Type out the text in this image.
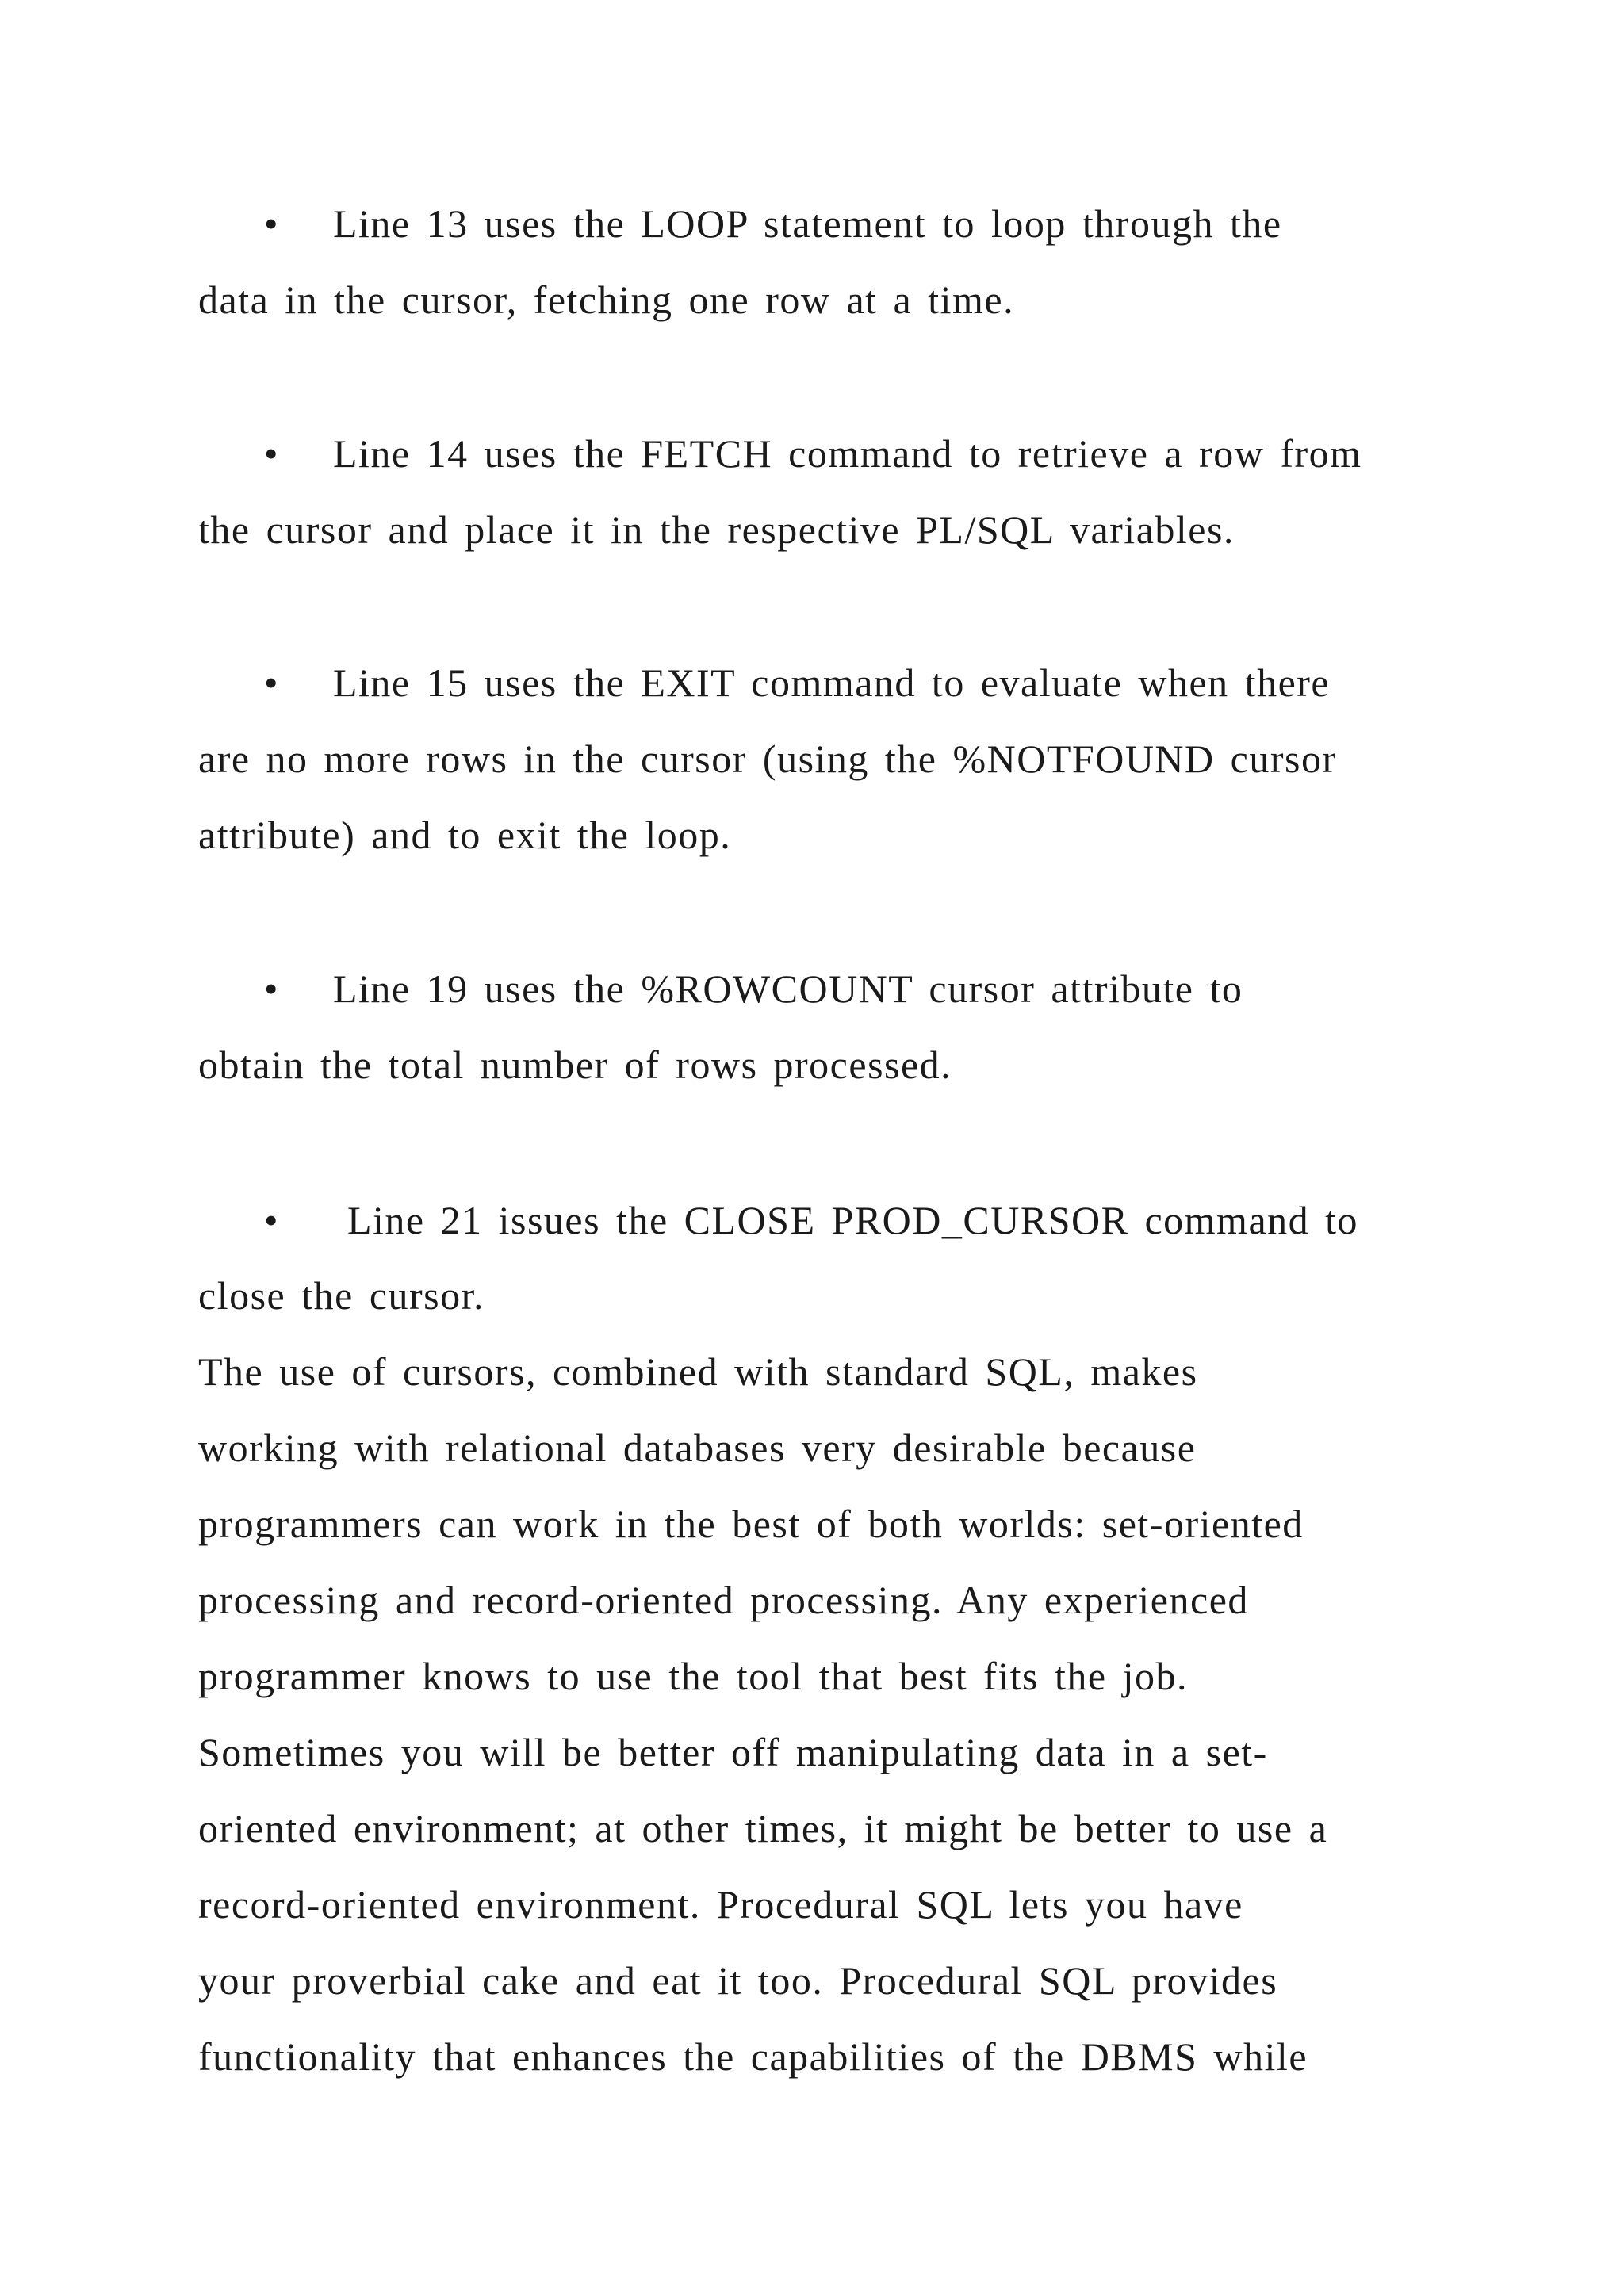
• Line 13 uses the LOOP statement to loop through the
data in the cursor, fetching one row at a time.
• Line 14 uses the FETCH command to retrieve a row from
the cursor and place it in the respective PL/SQL variables.
• Line 15 uses the EXIT command to evaluate when there
are no more rows in the cursor (using the %NOTFOUND cursor
attribute) and to exit the loop.
• Line 19 uses the %ROWCOUNT cursor attribute to
obtain the total number of rows processed.
• Line 21 issues the CLOSE PROD_CURSOR command to
close the cursor.
The use of cursors, combined with standard SQL, makes
working with relational databases very desirable because
programmers can work in the best of both worlds: set-oriented
processing and record-oriented processing. Any experienced
programmer knows to use the tool that best fits the job.
Sometimes you will be better off manipulating data in a set-
oriented environment; at other times, it might be better to use a
record-oriented environment. Procedural SQL lets you have
your proverbial cake and eat it too. Procedural SQL provides
functionality that enhances the capabilities of the DBMS while
